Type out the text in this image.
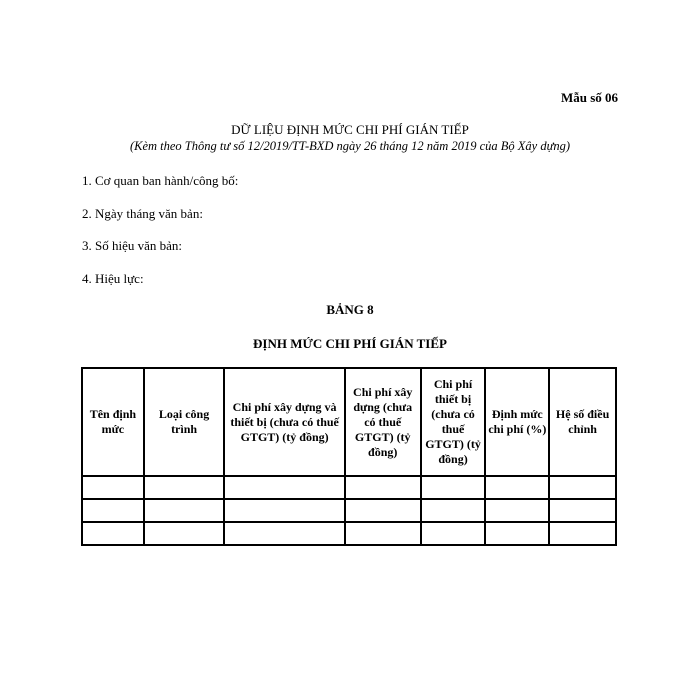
Mẫu số 06
DỮ LIỆU ĐỊNH MỨC CHI PHÍ GIÁN TIẾP
(Kèm theo Thông tư số 12/2019/TT-BXD ngày 26 tháng 12 năm 2019 của Bộ Xây dựng)
1. Cơ quan ban hành/công bố:
2. Ngày tháng văn bản:
3. Số hiệu văn bản:
4. Hiệu lực:
BẢNG 8
ĐỊNH MỨC CHI PHÍ GIÁN TIẾP
Tên định mức	Loại công trình	Chi phí xây dựng và thiết bị (chưa có thuế GTGT) (tỷ đồng)	Chi phí xây dựng (chưa có thuế GTGT) (tỷ đồng)	Chi phí thiết bị (chưa có thuế GTGT) (tỷ đồng)	Định mức chi phí (%)	Hệ số điều chỉnh
